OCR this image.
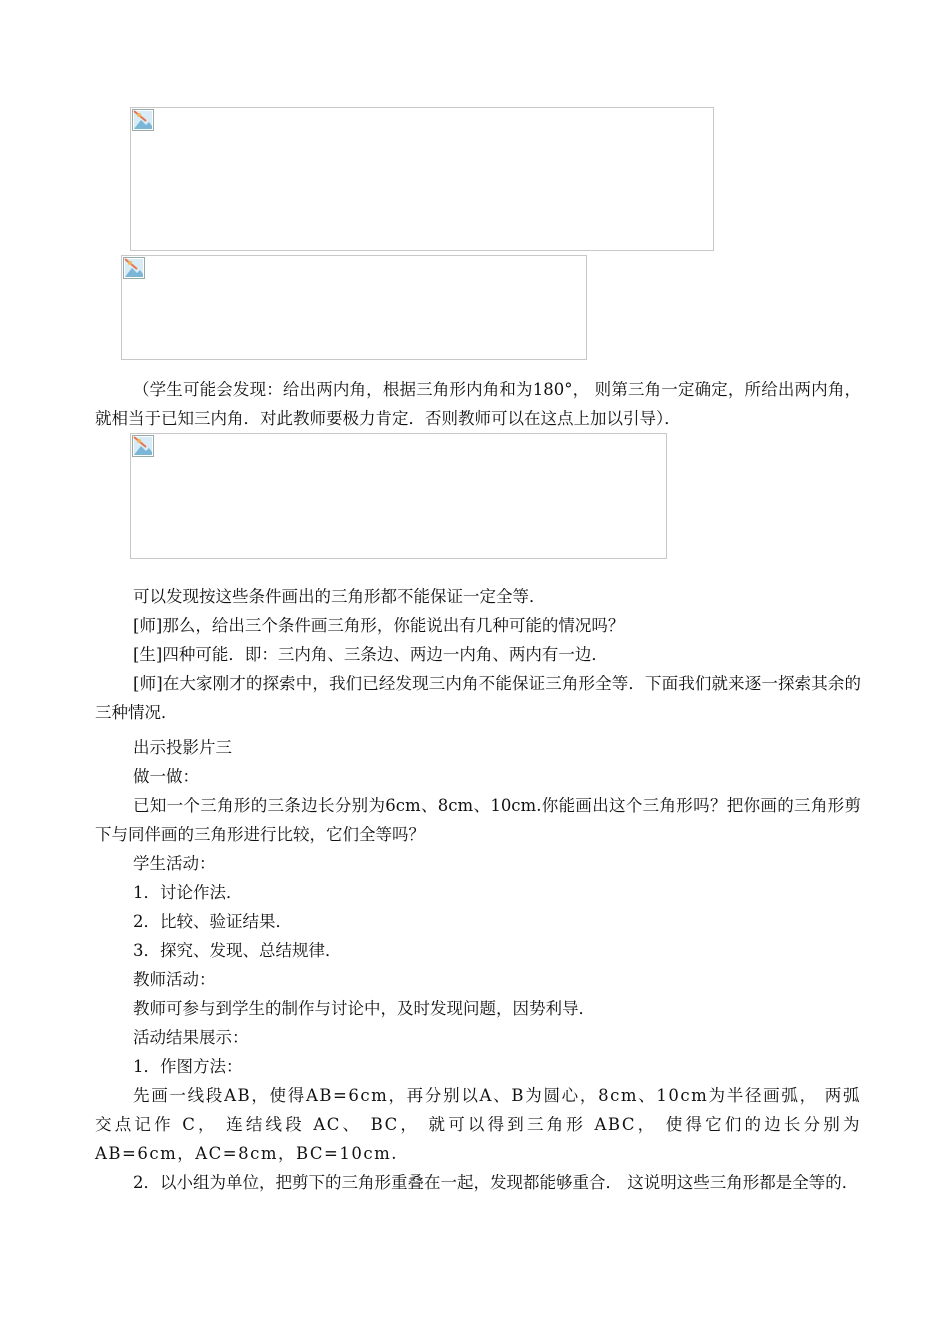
（学生可能会发现：给出两内角，根据三角形内角和为180°， 则第三角一定确定，所给出两内角，就相当于已知三内角．对此教师要极力肯定．否则教师可以在这点上加以引导）．

可以发现按这些条件画出的三角形都不能保证一定全等．

[师]那么，给出三个条件画三角形，你能说出有几种可能的情况吗？

[生]四种可能．即：三内角、三条边、两边一内角、两内有一边．

[师]在大家刚才的探索中，我们已经发现三内角不能保证三角形全等．下面我们就来逐一探索其余的三种情况．

出示投影片三

做一做：

已知一个三角形的三条边长分别为6cm、8cm、10cm.你能画出这个三角形吗？把你画的三角形剪下与同伴画的三角形进行比较，它们全等吗？

学生活动：

1．讨论作法．

2．比较、验证结果．

3．探究、发现、总结规律．

教师活动：

教师可参与到学生的制作与讨论中，及时发现问题，因势利导．

活动结果展示：

1．作图方法：

先画一线段AB，使得AB=6cm，再分别以A、B为圆心，8cm、10cm为半径画弧， 两弧交点记作 C， 连结线段 AC、 BC， 就可以得到三角形 ABC， 使得它们的边长分别为 AB=6cm，AC=8cm，BC=10cm.

2．以小组为单位，把剪下的三角形重叠在一起，发现都能够重合． 这说明这些三角形都是全等的．
